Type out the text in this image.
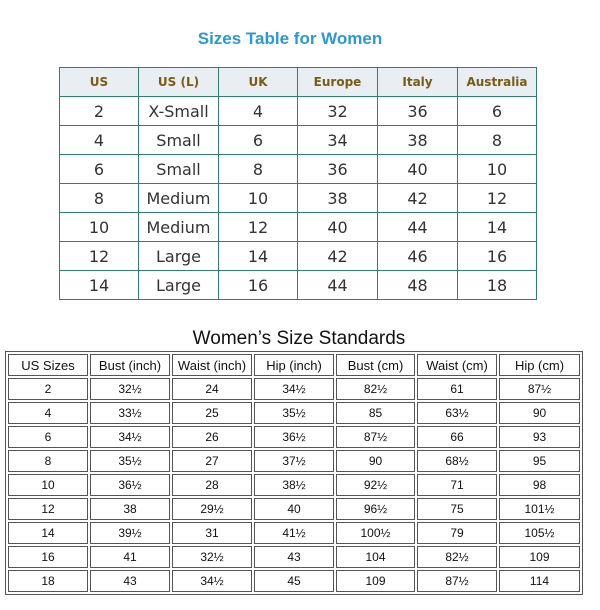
Sizes Table for Women
US	US (L)	UK	Europe	Italy	Australia
2	X-Small	4	32	36	6
4	Small	6	34	38	8
6	Small	8	36	40	10
8	Medium	10	38	42	12
10	Medium	12	40	44	14
12	Large	14	42	46	16
14	Large	16	44	48	18
Women’s Size Standards
US Sizes	Bust (inch)	Waist (inch)	Hip (inch)	Bust (cm)	Waist (cm)	Hip (cm)
2	32½	24	34½	82½	61	87½
4	33½	25	35½	85	63½	90
6	34½	26	36½	87½	66	93
8	35½	27	37½	90	68½	95
10	36½	28	38½	92½	71	98
12	38	29½	40	96½	75	101½
14	39½	31	41½	100½	79	105½
16	41	32½	43	104	82½	109
18	43	34½	45	109	87½	114
